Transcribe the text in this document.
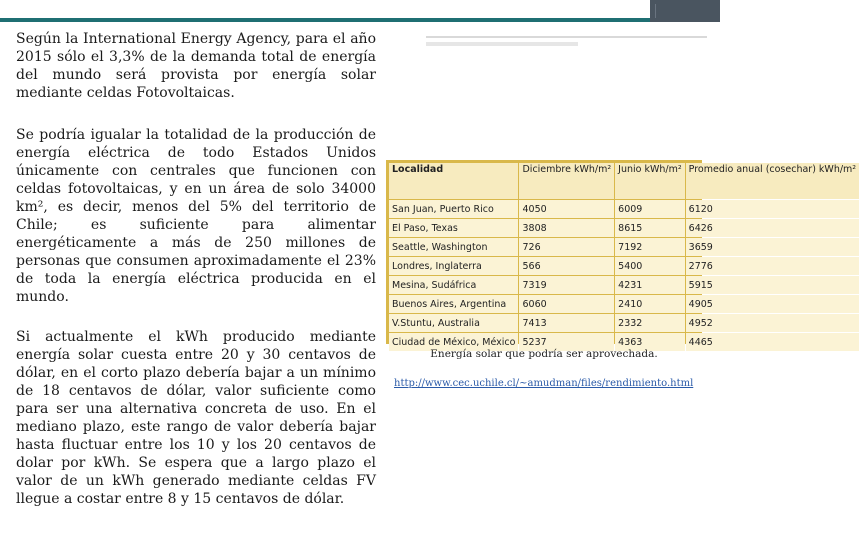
Según la International Energy Agency, para el año 2015 sólo el 3,3% de la demanda total de energía del mundo será provista por energía solar mediante celdas Fotovoltaicas.

Se podría igualar la totalidad de la producción de energía eléctrica de todo Estados Unidos únicamente con centrales que funcionen con celdas fotovoltaicas, y en un área de solo 34000 km², es decir, menos del 5% del territorio de Chile; es suficiente para alimentar energéticamente a más de 250 millones de personas que consumen aproximadamente el 23% de toda la energía eléctrica producida en el mundo.

Si actualmente el kWh producido mediante energía solar cuesta entre 20 y 30 centavos de dólar, en el corto plazo debería bajar a un mínimo de 18 centavos de dólar, valor suficiente como para ser una alternativa concreta de uso. En el mediano plazo, este rango de valor debería bajar hasta fluctuar entre los 10 y los 20 centavos de dolar por kWh. Se espera que a largo plazo el valor de un kWh generado mediante celdas FV llegue a costar entre 8 y 15 centavos de dólar.

Localidad	Diciembre kWh/m²	Junio kWh/m²	Promedio anual (cosechar) kWh/m²
San Juan, Puerto Rico	4050	6009	6120
El Paso, Texas	3808	8615	6426
Seattle, Washington	726	7192	3659
Londres, Inglaterra	566	5400	2776
Mesina, Sudáfrica	7319	4231	5915
Buenos Aires, Argentina	6060	2410	4905
V.Stuntu, Australia	7413	2332	4952
Ciudad de México, México	5237	4363	4465
Energía solar que podría ser aprovechada.
http://www.cec.uchile.cl/~amudman/files/rendimiento.html
